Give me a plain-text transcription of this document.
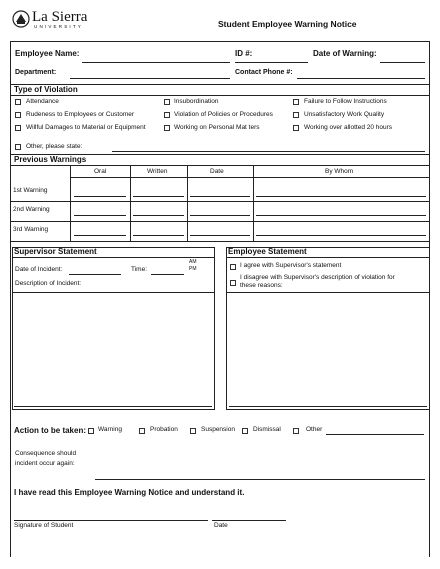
La Sierra
UNIVERSITY	Student Employee Warning Notice
Employee Name:	ID #:	Date of Warning:
Department:	Contact Phone #:
Type of Violation
Attendance	Insubordination	Failure to Follow Instructions
Rudeness to Employees or Customer	Violation of Policies or Procedures	Unsatisfactory Work Quality
Willful Damages to Material or Equipment	Working on Personal Mat ters	Working over allotted 20 hours
Other, please state:
Previous Warnings
Oral	Written	Date	By Whom
1st Warning
2nd Warning
3rd Warning
Supervisor Statement
Date of Incident:	Time:
AM
PM
Description of Incident:
Employee Statement
I agree with Supervisor's statement
I disagree with Supervisor's description of violation for
these reasons:
Action to be taken: Warning	Probation	Suspension	Dismissal	Other
Consequence should
incident occur again:
I have read this Employee Warning Notice and understand it.
Signature of Student	Date
